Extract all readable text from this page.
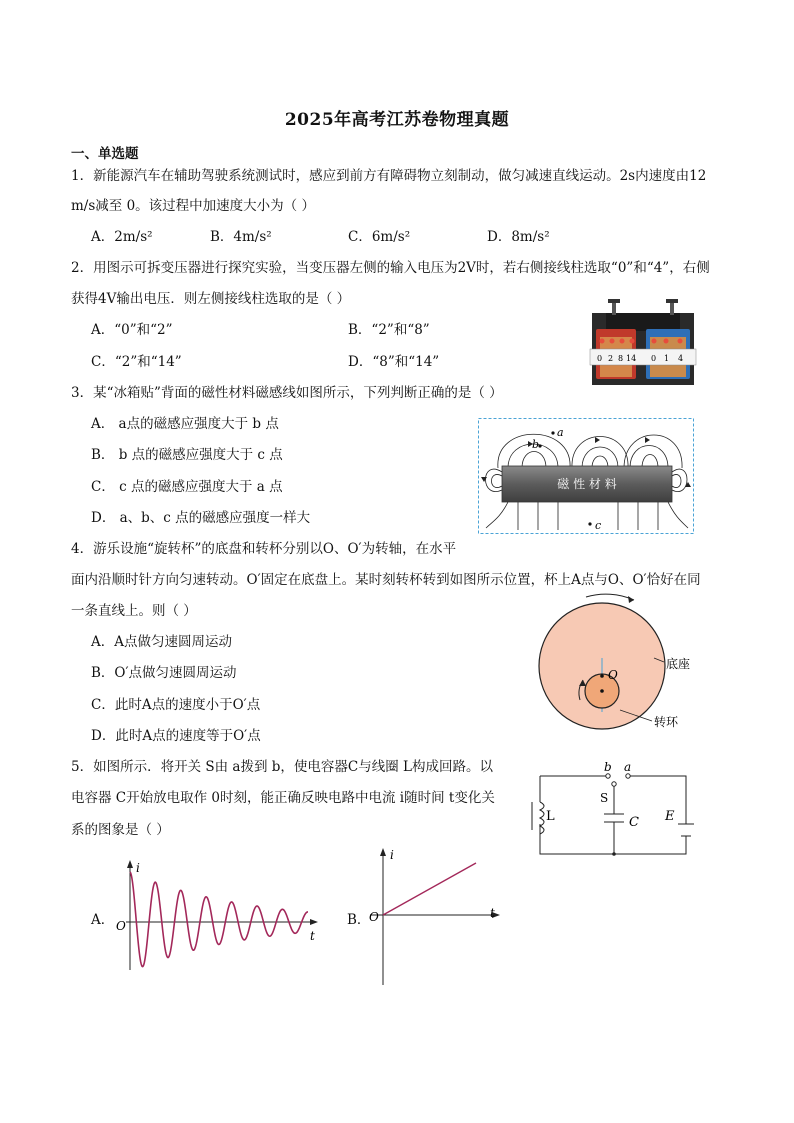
2025年高考江苏卷物理真题
一、单选题
1．新能源汽车在辅助驾驶系统测试时，感应到前方有障碍物立刻制动，做匀减速直线运动。2s内速度由12
m/s减至 0。该过程中加速度大小为（ ）
A．2m/s²	B．4m/s²	C．6m/s²	D．8m/s²
2．用图示可拆变压器进行探究实验，当变压器左侧的输入电压为2V时，若右侧接线柱选取“0”和“4”，右侧
获得4V输出电压．则左侧接线柱选取的是（ ）
A．“0”和“2”	B．“2”和“8”
C．“2”和“14”	D．“8”和“14”	0 2 8 14 0 1 4
3．某“冰箱贴”背面的磁性材料磁感线如图所示，下列判断正确的是（ ）
A． a点的磁感应强度大于 b 点
B． b 点的磁感应强度大于 c 点
C． c 点的磁感应强度大于 a 点
D． a、b、c 点的磁感应强度一样大
磁 性 材 料
a
b
c
4．游乐设施“旋转杯”的底盘和转杯分别以O、O′为转轴，在水平
面内沿顺时针方向匀速转动。O′固定在底盘上。某时刻转杯转到如图所示位置，杯上A点与O、O′恰好在同
一条直线上。则（ ）
A．A点做匀速圆周运动
B．O′点做匀速圆周运动
C．此时A点的速度小于O′点
D．此时A点的速度等于O′点
O
底座
转环
5．如图所示．将开关 S由 a拨到 b，使电容器C与线圈 L构成回路。以
电容器 C开始放电取作 0时刻，能正确反映电路中电流 i随时间 t变化关
系的图象是（ ）
b a
S
L	C E
A．
i
O
t
B．
i
O	t
